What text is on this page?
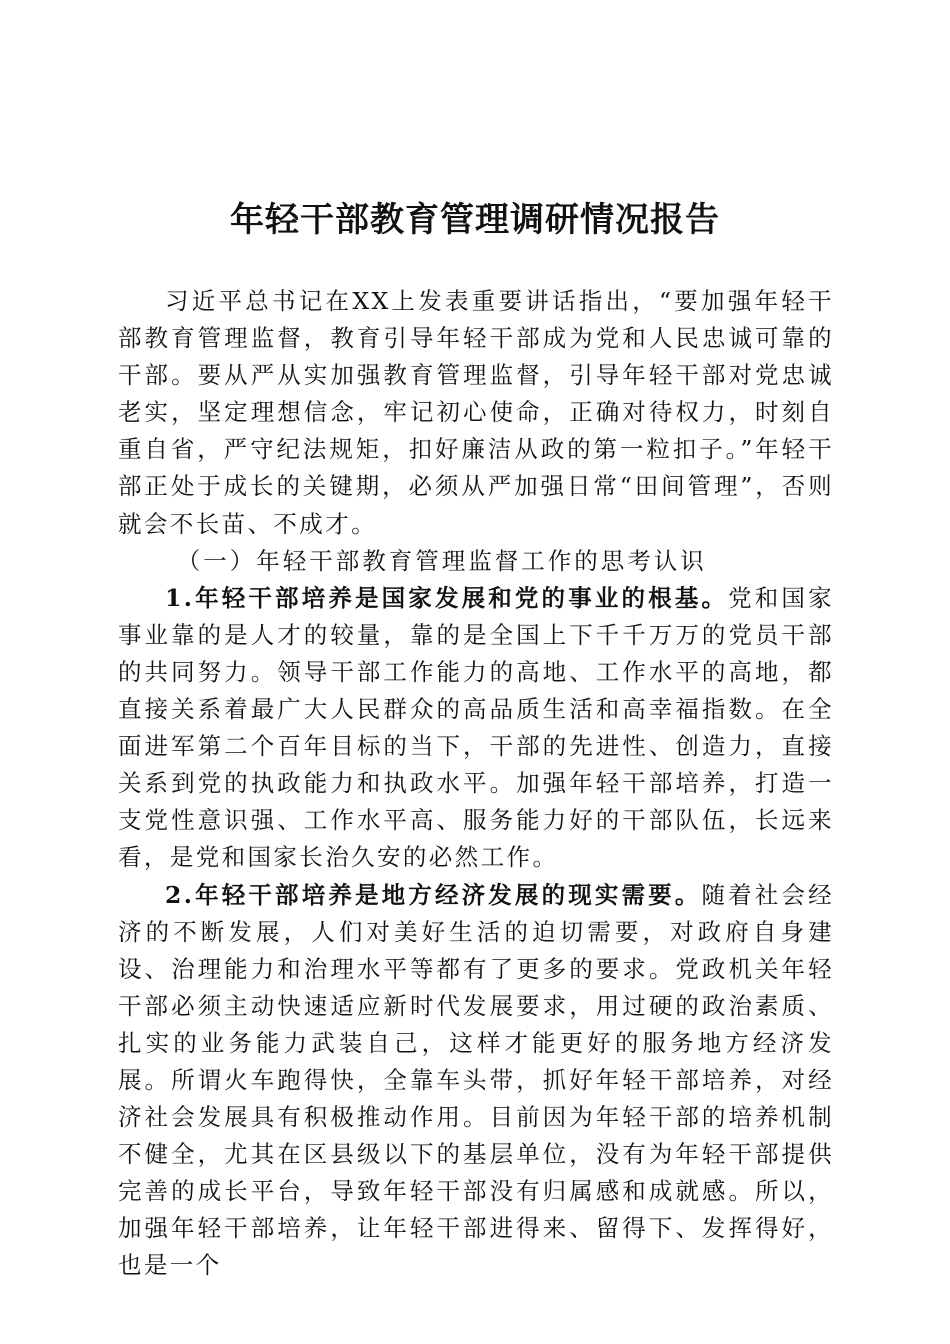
年轻干部教育管理调研情况报告

习近平总书记在XX上发表重要讲话指出，“要加强年轻干部教育管理监督，教育引导年轻干部成为党和人民忠诚可靠的干部。要从严从实加强教育管理监督，引导年轻干部对党忠诚老实，坚定理想信念，牢记初心使命，正确对待权力，时刻自重自省，严守纪法规矩，扣好廉洁从政的第一粒扣子。”年轻干部正处于成长的关键期，必须从严加强日常“田间管理”，否则就会不长苗、不成才。

（一）年轻干部教育管理监督工作的思考认识

1.年轻干部培养是国家发展和党的事业的根基。党和国家事业靠的是人才的较量，靠的是全国上下千千万万的党员干部的共同努力。领导干部工作能力的高地、工作水平的高地，都直接关系着最广大人民群众的高品质生活和高幸福指数。在全面进军第二个百年目标的当下，干部的先进性、创造力，直接关系到党的执政能力和执政水平。加强年轻干部培养，打造一支党性意识强、工作水平高、服务能力好的干部队伍，长远来看，是党和国家长治久安的必然工作。

2.年轻干部培养是地方经济发展的现实需要。随着社会经济的不断发展，人们对美好生活的迫切需要，对政府自身建设、治理能力和治理水平等都有了更多的要求。党政机关年轻干部必须主动快速适应新时代发展要求，用过硬的政治素质、扎实的业务能力武装自己，这样才能更好的服务地方经济发展。所谓火车跑得快，全靠车头带，抓好年轻干部培养，对经济社会发展具有积极推动作用。目前因为年轻干部的培养机制不健全，尤其在区县级以下的基层单位，没有为年轻干部提供完善的成长平台，导致年轻干部没有归属感和成就感。所以，加强年轻干部培养，让年轻干部进得来、留得下、发挥得好，也是一个
